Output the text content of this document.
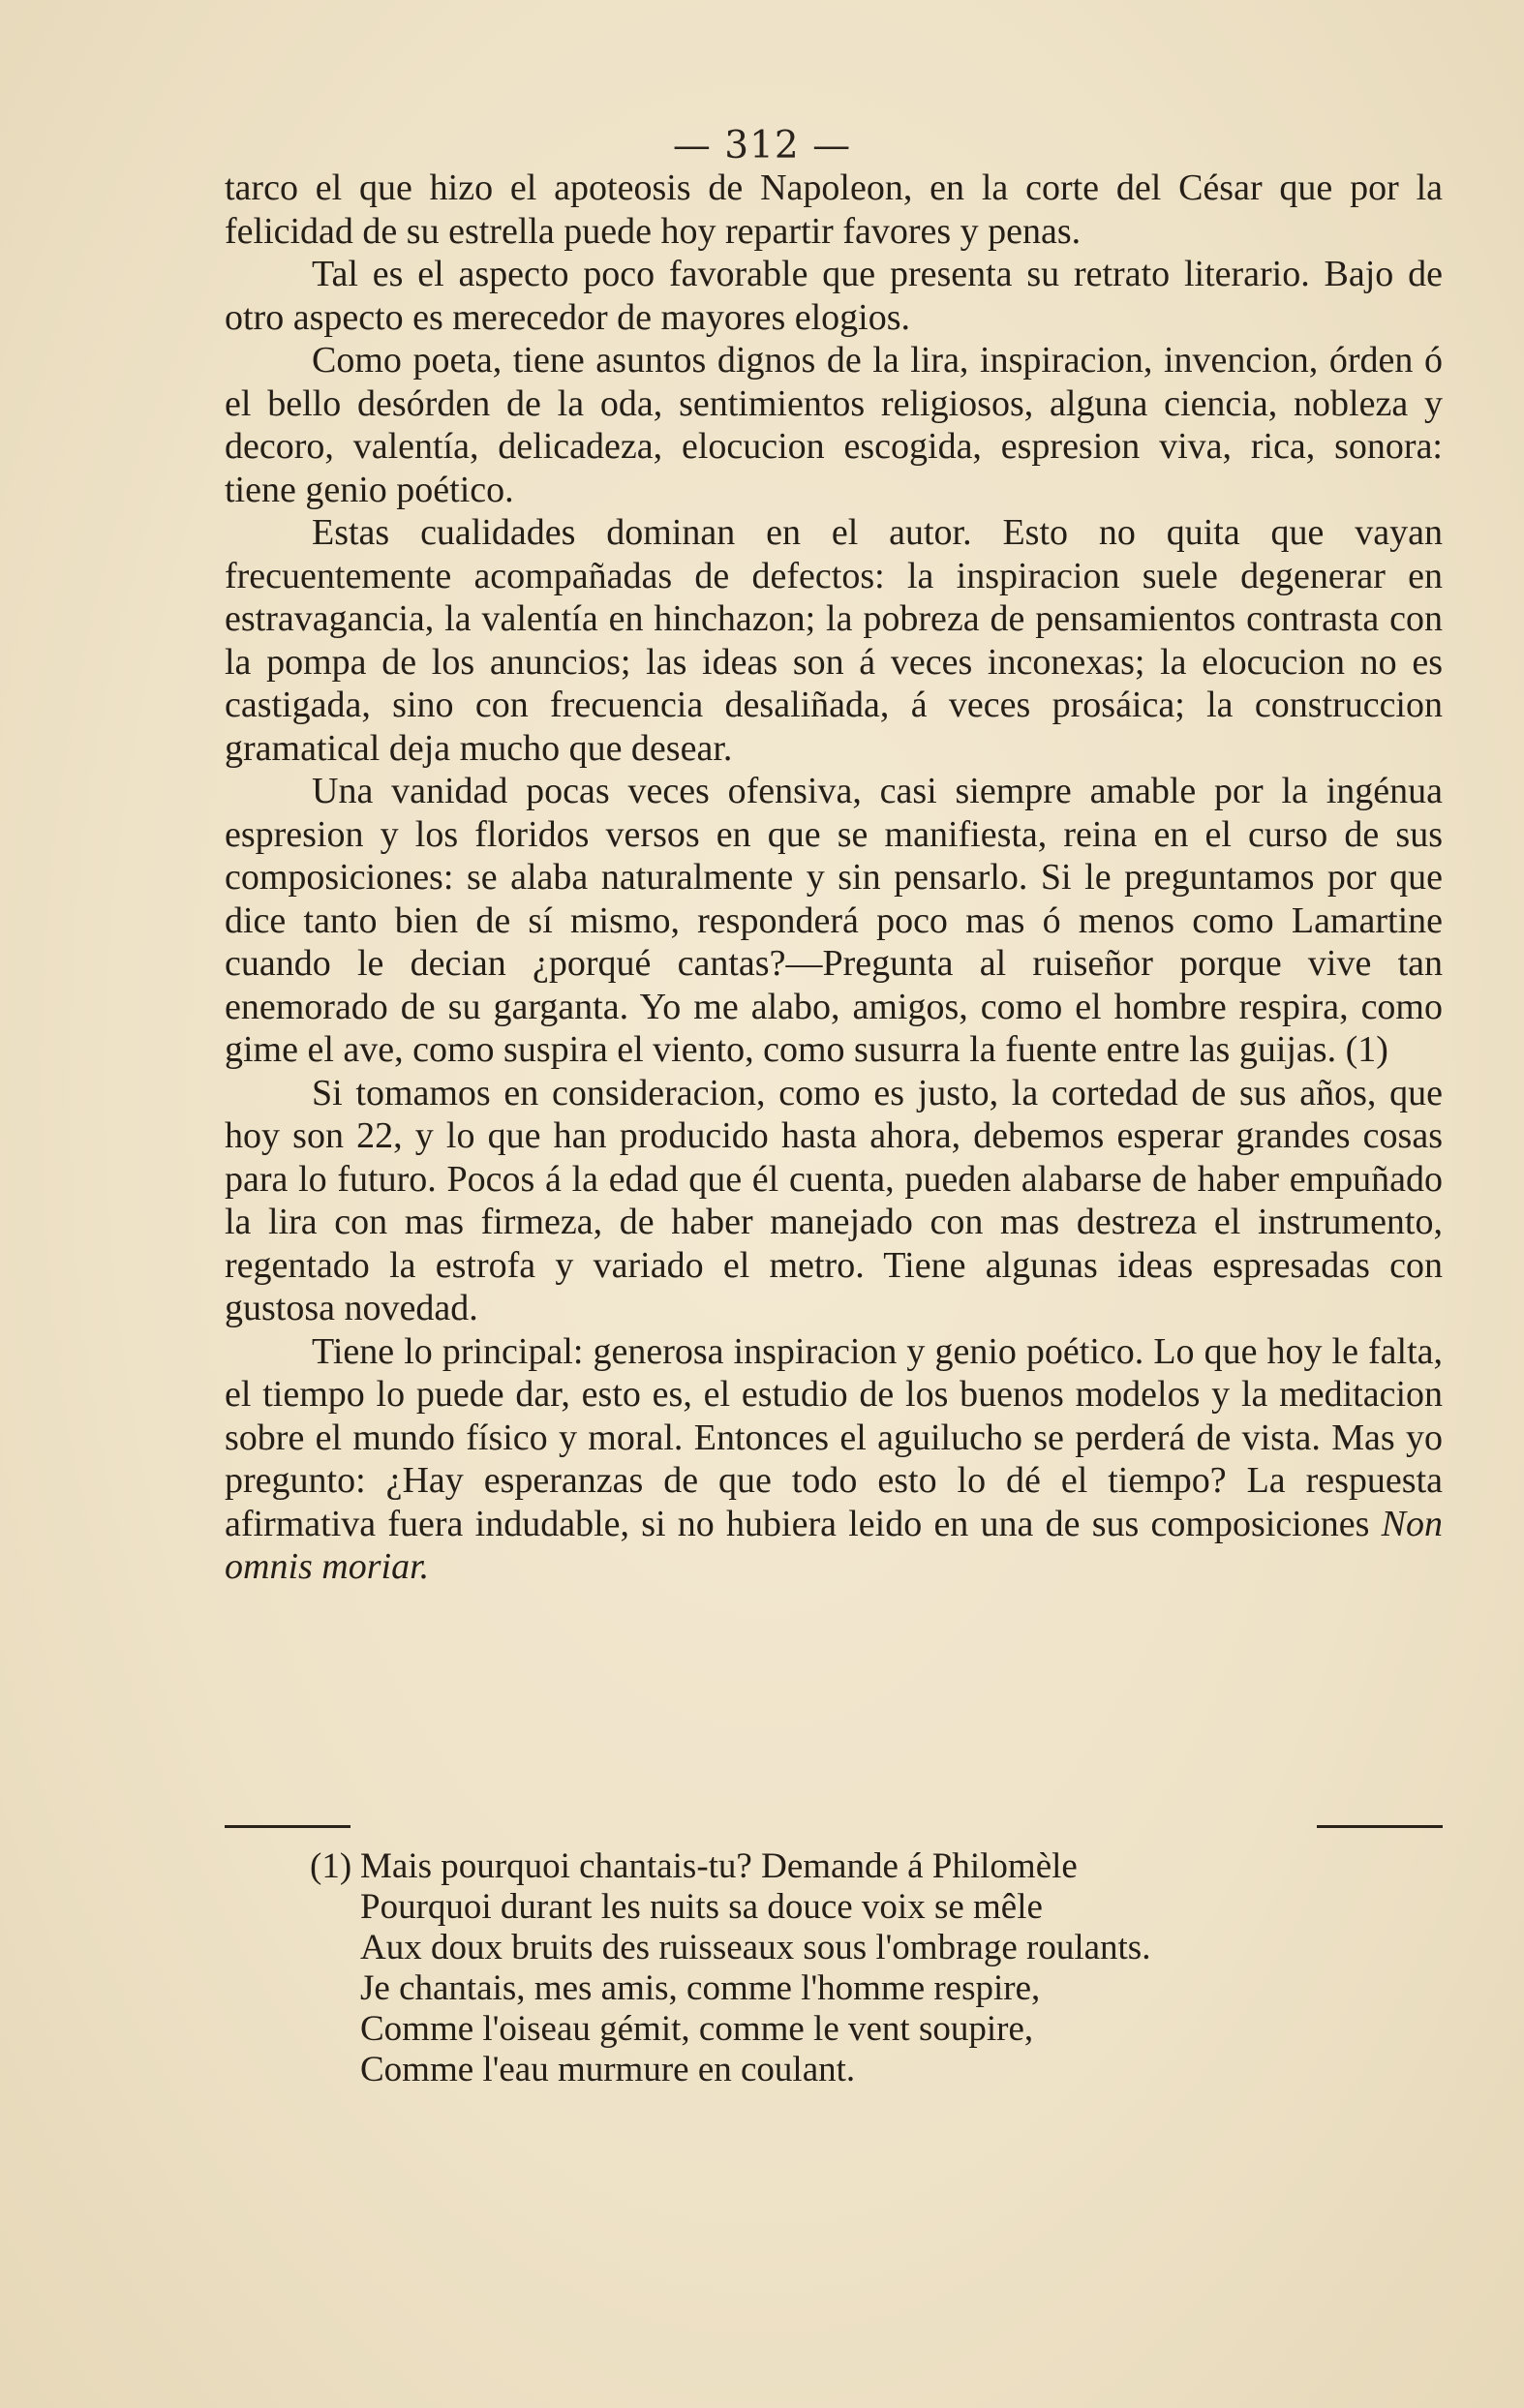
— 312 —

tarco el que hizo el apoteosis de Napoleon, en la corte del César que por la felicidad de su estrella puede hoy repartir favores y penas.

Tal es el aspecto poco favorable que presenta su retrato literario. Bajo de otro aspecto es merecedor de mayores elogios.

Como poeta, tiene asuntos dignos de la lira, inspiracion, invencion, órden ó el bello desórden de la oda, sentimientos religiosos, alguna ciencia, nobleza y decoro, valentía, delicadeza, elocucion escogida, espresion viva, rica, sonora: tiene genio poético.

Estas cualidades dominan en el autor. Esto no quita que vayan frecuentemente acompañadas de defectos: la inspiracion suele degenerar en estravagancia, la valentía en hinchazon; la pobreza de pensamientos contrasta con la pompa de los anuncios; las ideas son á veces inconexas; la elocucion no es castigada, sino con frecuencia desaliñada, á veces prosáica; la construccion gramatical deja mucho que desear.

Una vanidad pocas veces ofensiva, casi siempre amable por la ingénua espresion y los floridos versos en que se manifiesta, reina en el curso de sus composiciones: se alaba naturalmente y sin pensarlo. Si le preguntamos por que dice tanto bien de sí mismo, responderá poco mas ó menos como Lamartine cuando le decian ¿porqué cantas?—Pregunta al ruiseñor porque vive tan enemorado de su garganta. Yo me alabo, amigos, como el hombre respira, como gime el ave, como suspira el viento, como susurra la fuente entre las guijas. (1)

Si tomamos en consideracion, como es justo, la cortedad de sus años, que hoy son 22, y lo que han producido hasta ahora, debemos esperar grandes cosas para lo futuro. Pocos á la edad que él cuenta, pueden alabarse de haber empuñado la lira con mas firmeza, de haber manejado con mas destreza el instrumento, regentado la estrofa y variado el metro. Tiene algunas ideas espresadas con gustosa novedad.

Tiene lo principal: generosa inspiracion y genio poético. Lo que hoy le falta, el tiempo lo puede dar, esto es, el estudio de los buenos modelos y la meditacion sobre el mundo físico y moral. Entonces el aguilucho se perderá de vista. Mas yo pregunto: ¿Hay esperanzas de que todo esto lo dé el tiempo? La respuesta afirmativa fuera indudable, si no hubiera leido en una de sus composiciones Non omnis moriar.

(1) Mais pourquoi chantais-tu? Demande á Philomèle
Pourquoi durant les nuits sa douce voix se mêle
Aux doux bruits des ruisseaux sous l'ombrage roulants.
Je chantais, mes amis, comme l'homme respire,
Comme l'oiseau gémit, comme le vent soupire,
Comme l'eau murmure en coulant.
